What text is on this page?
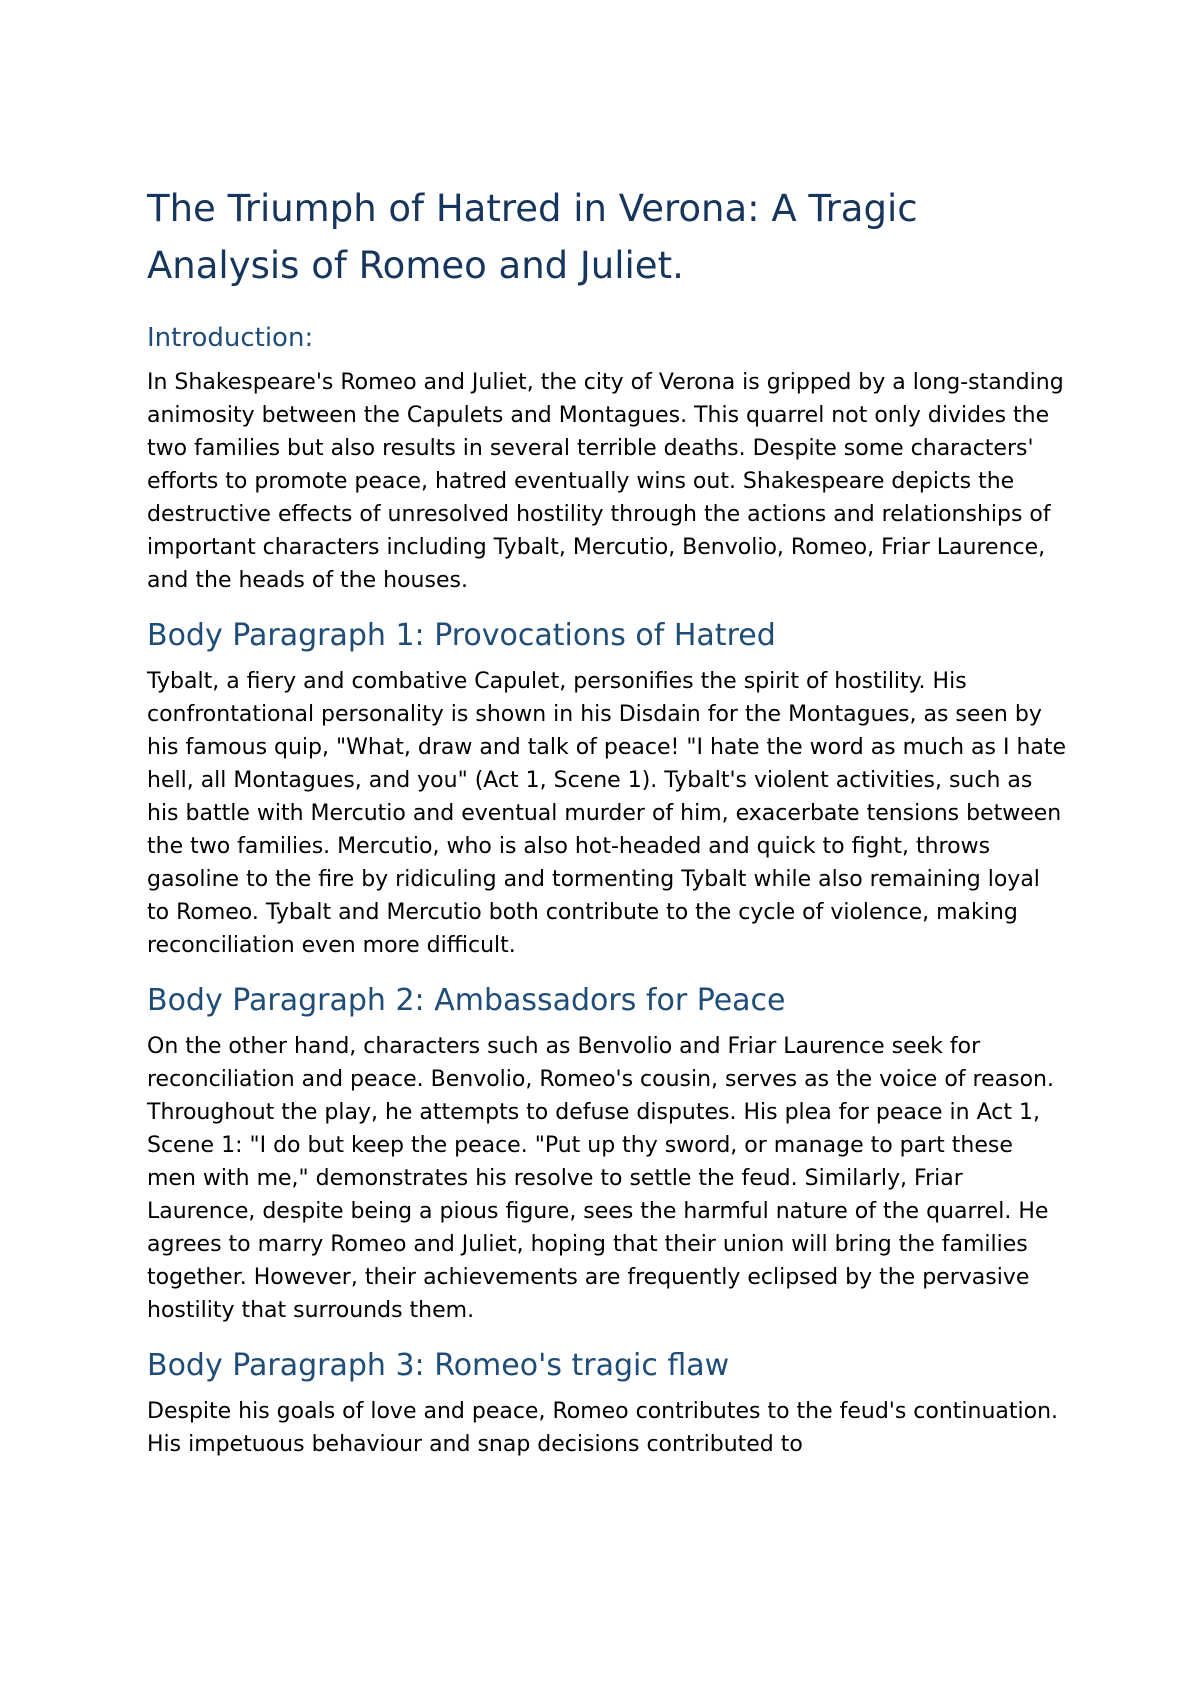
The Triumph of Hatred in Verona: A Tragic Analysis of Romeo and Juliet.
Introduction:

In Shakespeare's Romeo and Juliet, the city of Verona is gripped by a long-standing animosity between the Capulets and Montagues. This quarrel not only divides the two families but also results in several terrible deaths. Despite some characters' efforts to promote peace, hatred eventually wins out. Shakespeare depicts the destructive effects of unresolved hostility through the actions and relationships of important characters including Tybalt, Mercutio, Benvolio, Romeo, Friar Laurence, and the heads of the houses.

Body Paragraph 1: Provocations of Hatred

Tybalt, a fiery and combative Capulet, personifies the spirit of hostility. His confrontational personality is shown in his Disdain for the Montagues, as seen by his famous quip, "What, draw and talk of peace! "I hate the word as much as I hate hell, all Montagues, and you" (Act 1, Scene 1). Tybalt's violent activities, such as his battle with Mercutio and eventual murder of him, exacerbate tensions between the two families. Mercutio, who is also hot-headed and quick to fight, throws gasoline to the fire by ridiculing and tormenting Tybalt while also remaining loyal to Romeo. Tybalt and Mercutio both contribute to the cycle of violence, making reconciliation even more difficult.

Body Paragraph 2: Ambassadors for Peace

On the other hand, characters such as Benvolio and Friar Laurence seek for reconciliation and peace. Benvolio, Romeo's cousin, serves as the voice of reason. Throughout the play, he attempts to defuse disputes. His plea for peace in Act 1, Scene 1: "I do but keep the peace. "Put up thy sword, or manage to part these men with me," demonstrates his resolve to settle the feud. Similarly, Friar Laurence, despite being a pious figure, sees the harmful nature of the quarrel. He agrees to marry Romeo and Juliet, hoping that their union will bring the families together. However, their achievements are frequently eclipsed by the pervasive hostility that surrounds them.

Body Paragraph 3: Romeo's tragic flaw

Despite his goals of love and peace, Romeo contributes to the feud's continuation. His impetuous behaviour and snap decisions contributed to
